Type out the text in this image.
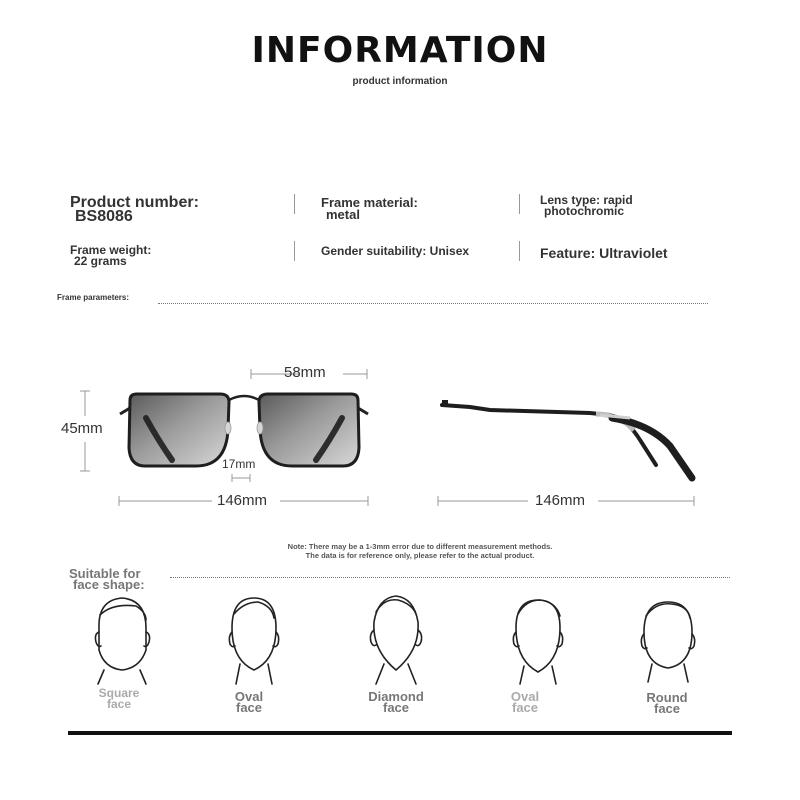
INFORMATION
product information
Product number:
BS8086
Frame material:
metal
Lens type: rapid
photochromic
Frame weight:
22 grams
Gender suitability: Unisex	Feature: Ultraviolet
Frame parameters:
58mm
45mm
17mm
146mm	146mm
Note: There may be a 1-3mm error due to different measurement methods.
The data is for reference only, please refer to the actual product.
Suitable for
face shape:
Square
face	Oval
face
Diamond
face
Oval
face
Round
face
